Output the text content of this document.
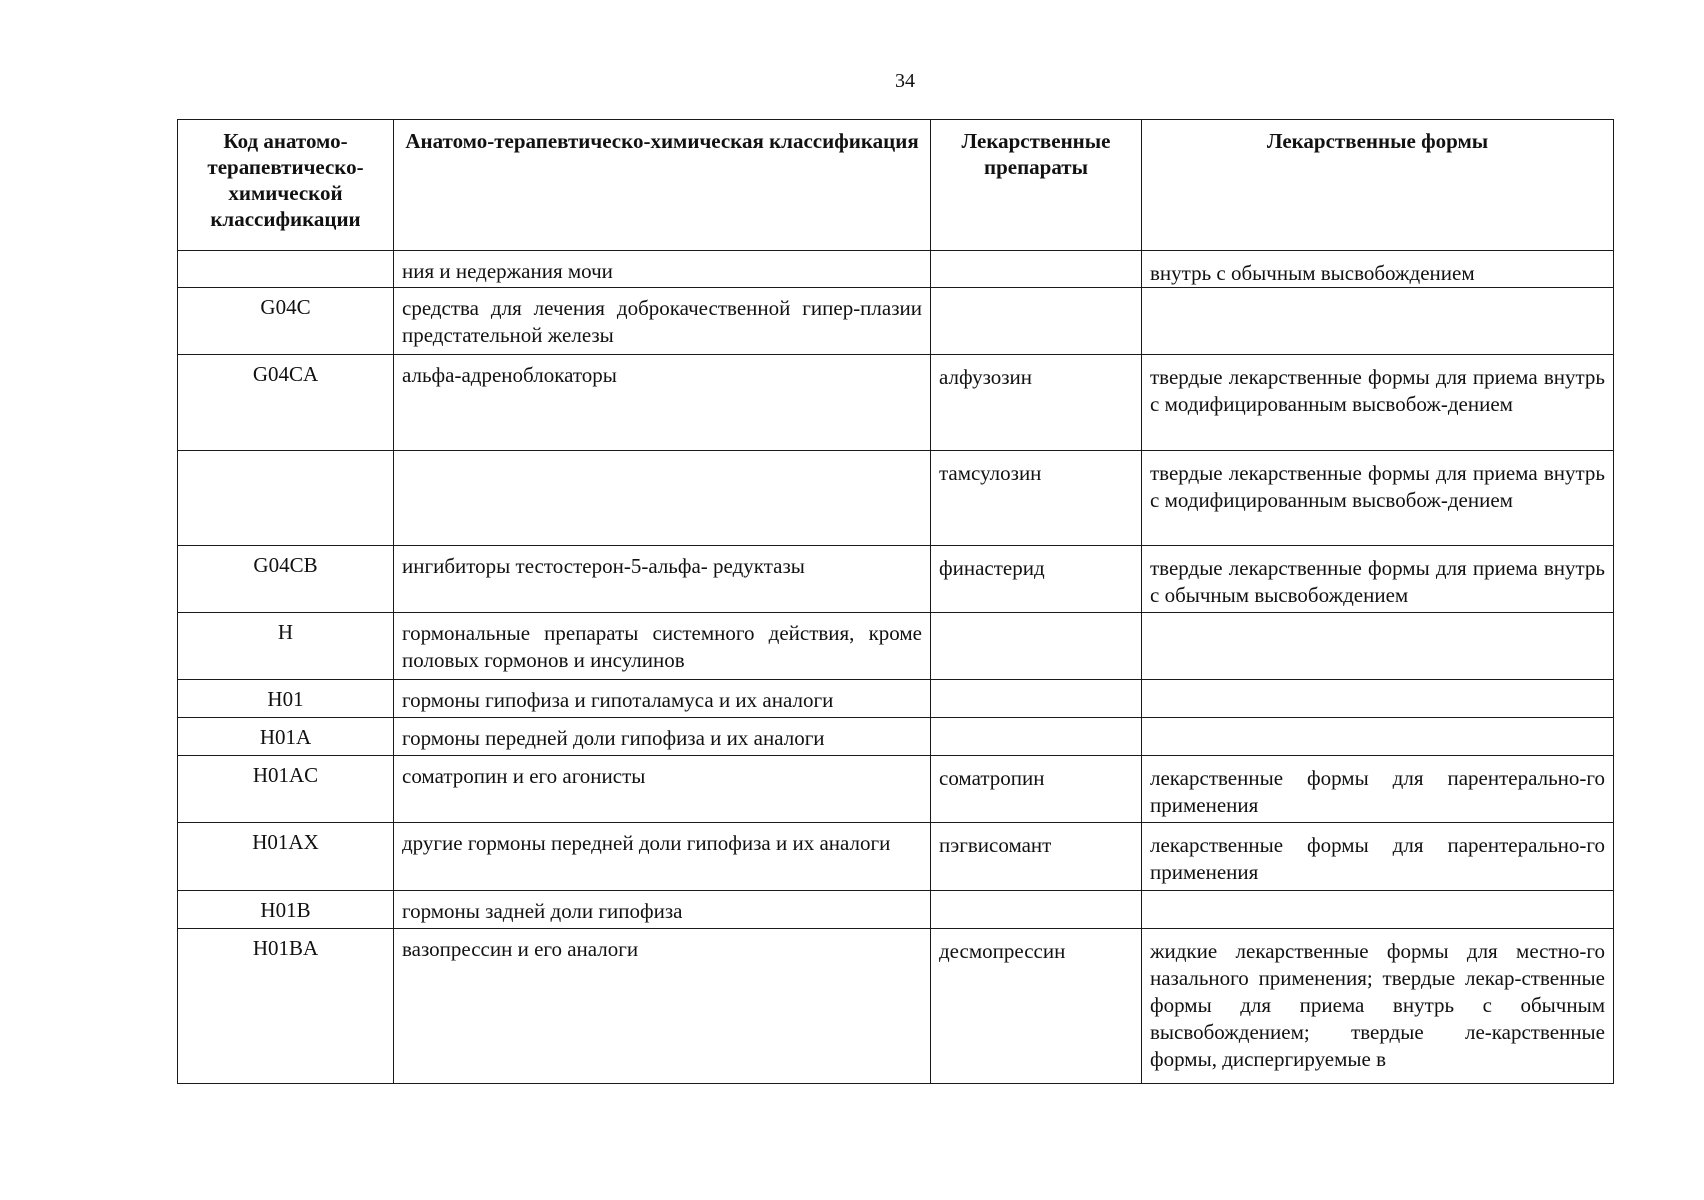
34
Код анатомо-терапевтическо-химической классификации	Анатомо-терапевтическо-химическая классификация	Лекарственные препараты	Лекарственные формы
	ния и недержания мочи		внутрь с обычным высвобождением
G04C	средства для лечения доброкачественной гипер-плазии предстательной железы		
G04CA	альфа-адреноблокаторы	алфузозин	твердые лекарственные формы для приема внутрь с модифицированным высвобож-дением
		тамсулозин	твердые лекарственные формы для приема внутрь с модифицированным высвобож-дением
G04CB	ингибиторы тестостерон-5-альфа- редуктазы	финастерид	твердые лекарственные формы для приема внутрь с обычным высвобождением
H	гормональные препараты системного действия, кроме половых гормонов и инсулинов		
H01	гормоны гипофиза и гипоталамуса и их аналоги		
H01A	гормоны передней доли гипофиза и их аналоги		
H01AC	соматропин и его агонисты	соматропин	лекарственные формы для парентерально-го применения
H01AX	другие гормоны передней доли гипофиза и их аналоги	пэгвисомант	лекарственные формы для парентерально-го применения
H01B	гормоны задней доли гипофиза		
H01BA	вазопрессин и его аналоги	десмопрессин	жидкие лекарственные формы для местно-го назального применения; твердые лекар-ственные формы для приема внутрь с обычным высвобождением; твердые ле-карственные формы, диспергируемые в
